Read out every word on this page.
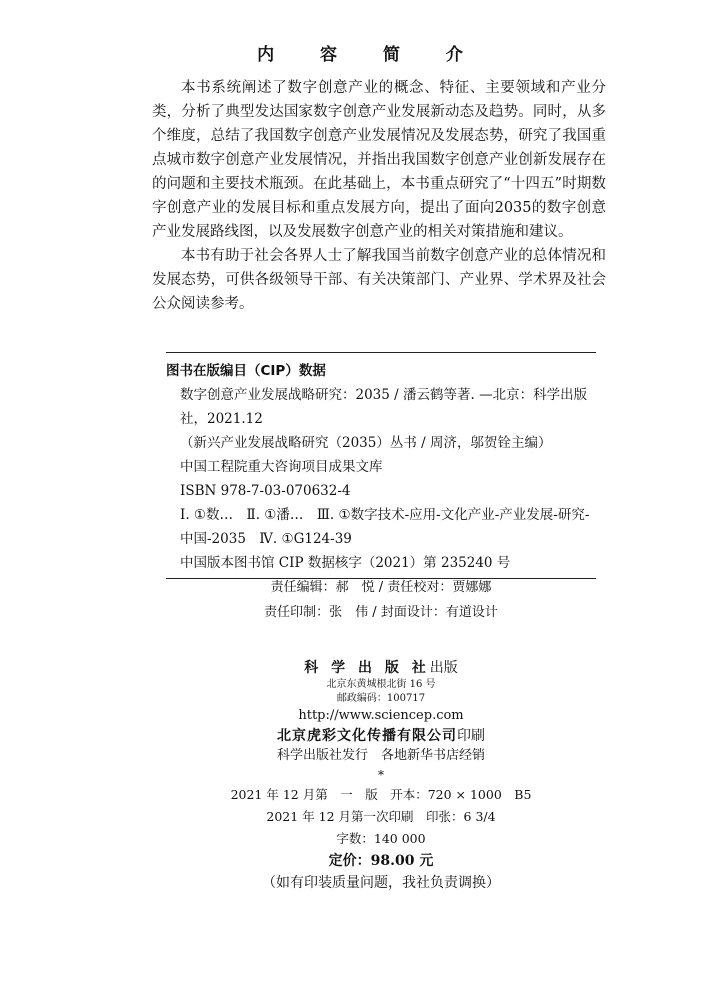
内 容 简 介

本书系统阐述了数字创意产业的概念、特征、主要领域和产业分类，分析了典型发达国家数字创意产业发展新动态及趋势。同时，从多个维度，总结了我国数字创意产业发展情况及发展态势，研究了我国重点城市数字创意产业发展情况，并指出我国数字创意产业创新发展存在的问题和主要技术瓶颈。在此基础上，本书重点研究了“十四五”时期数字创意产业的发展目标和重点发展方向，提出了面向2035的数字创意产业发展路线图，以及发展数字创意产业的相关对策措施和建议。

本书有助于社会各界人士了解我国当前数字创意产业的总体情况和发展态势，可供各级领导干部、有关决策部门、产业界、学术界及社会公众阅读参考。

图书在版编目（CIP）数据
数字创意产业发展战略研究：2035 / 潘云鹤等著. —北京：科学出版社，2021.12
（新兴产业发展战略研究（2035）丛书 / 周济，邬贺铨主编）
中国工程院重大咨询项目成果文库
ISBN 978-7-03-070632-4
Ⅰ. ①数…　Ⅱ. ①潘…　Ⅲ. ①数字技术-应用-文化产业-产业发展-研究-中国-2035　Ⅳ. ①G124-39
中国版本图书馆 CIP 数据核字（2021）第 235240 号
责任编辑：郝　悦 / 责任校对：贾娜娜
责任印制：张　伟 / 封面设计：有道设计
科 学 出 版 社出版
北京东黄城根北街 16 号
邮政编码：100717
http://www.sciencep.com
北京虎彩文化传播有限公司印刷
科学出版社发行　各地新华书店经销
*
2021 年 12 月第　一　版　开本：720 × 1000　B5
2021 年 12 月第一次印刷　印张：6 3/4
字数：140 000
定价：98.00 元
（如有印装质量问题，我社负责调换）
